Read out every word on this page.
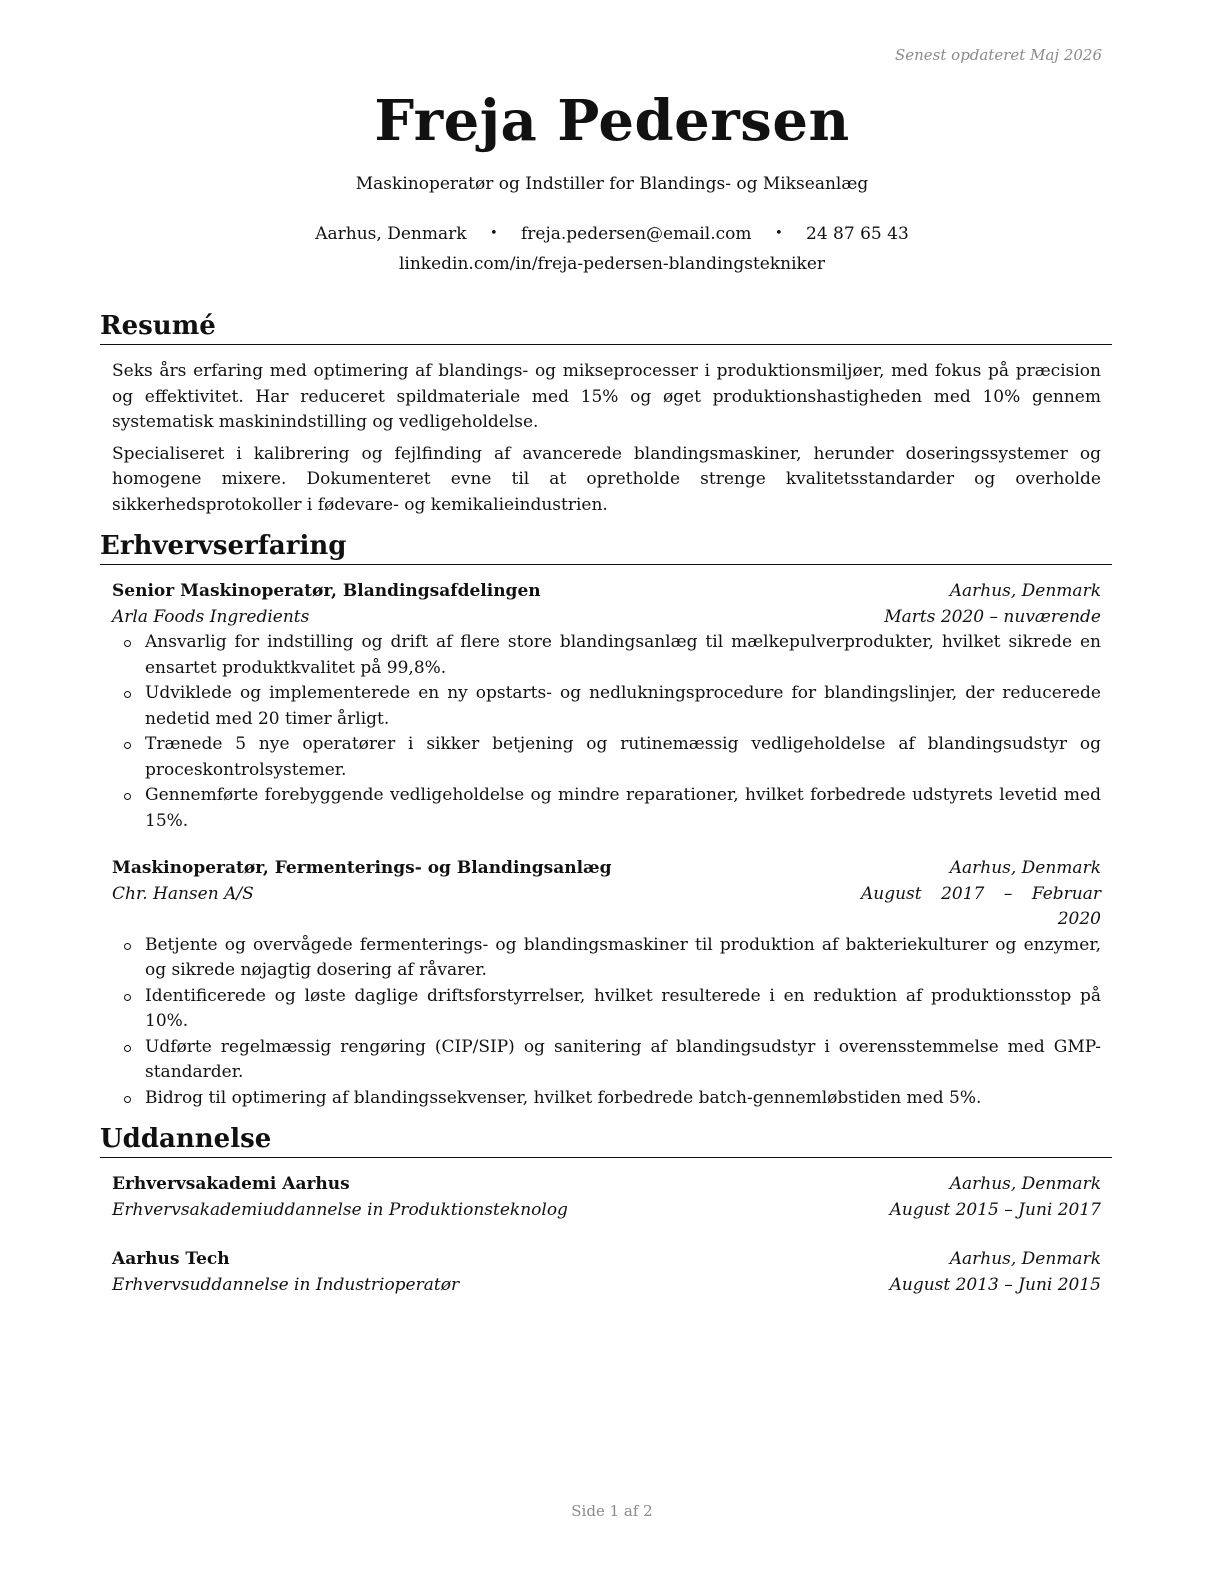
Senest opdateret Maj 2026
Freja Pedersen
Maskinoperatør og Indstiller for Blandings- og Mikseanlæg
Aarhus, Denmark • freja.pedersen@email.com • 24 87 65 43
linkedin.com/in/freja-pedersen-blandingstekniker
Resumé

Seks års erfaring med optimering af blandings- og mikseprocesser i produktionsmiljøer, med fokus på præcision og effektivitet. Har reduceret spildmateriale med 15% og øget produktionshastigheden med 10% gennem systematisk maskinindstilling og vedligeholdelse.

Specialiseret i kalibrering og fejlfinding af avancerede blandingsmaskiner, herunder doseringssystemer og homogene mixere. Dokumenteret evne til at opretholde strenge kvalitetsstandarder og overholde sikkerhedsprotokoller i fødevare- og kemikalieindustrien.

Erhvervserfaring
Senior Maskinoperatør, Blandingsafdelingen	Aarhus, Denmark
Arla Foods Ingredients	Marts 2020 – nuværende
Ansvarlig for indstilling og drift af flere store blandingsanlæg til mælkepulverprodukter, hvilket sikrede en ensartet produktkvalitet på 99,8%.
Udviklede og implementerede en ny opstarts- og nedlukningsprocedure for blandingslinjer, der reducerede nedetid med 20 timer årligt.
Trænede 5 nye operatører i sikker betjening og rutinemæssig vedligeholdelse af blandingsudstyr og proceskontrolsystemer.
Gennemførte forebyggende vedligeholdelse og mindre reparationer, hvilket forbedrede udstyrets levetid med 15%.
Maskinoperatør, Fermenterings- og Blandingsanlæg	Aarhus, Denmark
Chr. Hansen A/S	August 2017 – Februar 2020
Betjente og overvågede fermenterings- og blandingsmaskiner til produktion af bakteriekulturer og enzymer, og sikrede nøjagtig dosering af råvarer.
Identificerede og løste daglige driftsforstyrrelser, hvilket resulterede i en reduktion af produktionsstop på 10%.
Udførte regelmæssig rengøring (CIP/SIP) og sanitering af blandingsudstyr i overensstemmelse med GMP-standarder.
Bidrog til optimering af blandingssekvenser, hvilket forbedrede batch-gennemløbstiden med 5%.
Uddannelse
Erhvervsakademi Aarhus	Aarhus, Denmark
Erhvervsakademiuddannelse in Produktionsteknolog	August 2015 – Juni 2017
Aarhus Tech	Aarhus, Denmark
Erhvervsuddannelse in Industrioperatør	August 2013 – Juni 2015
Side 1 af 2
